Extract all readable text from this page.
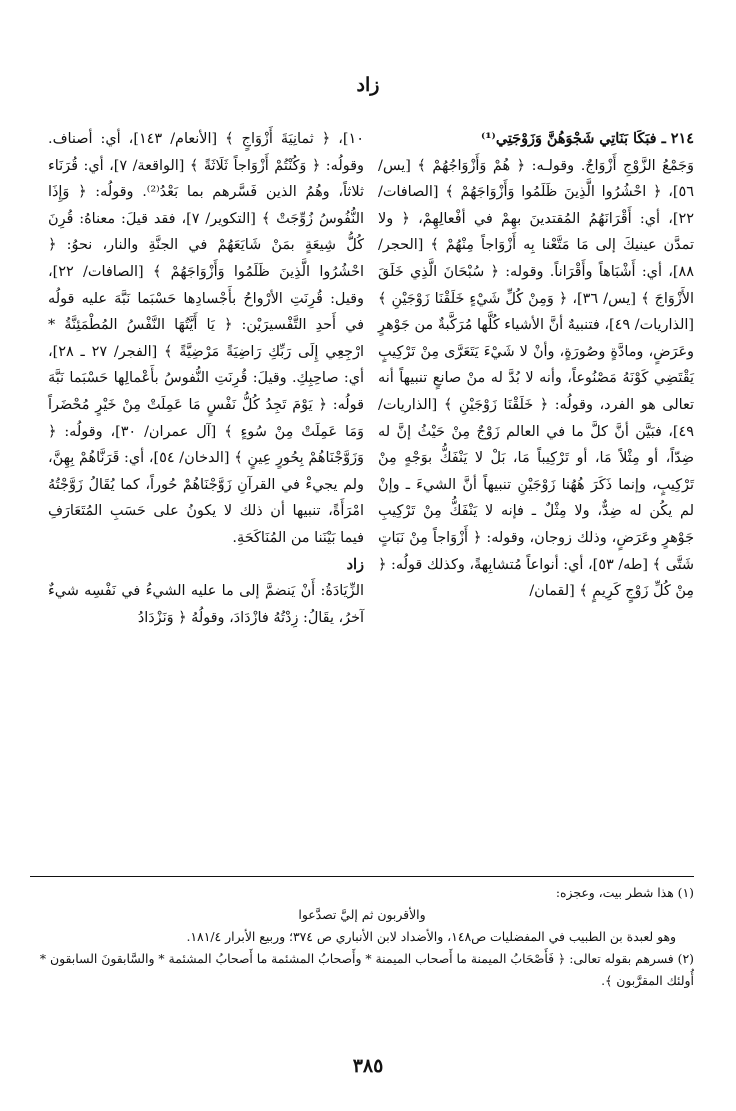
زاد

٢١٤ ـ فبَكَا بَنَاتِي شَجْوَهُنَّ وَزَوْجَتِي⁽¹⁾

وَجَمْعُ الزَّوْجِ أَزْوَاجٌ. وقولـه: ﴿ هُمْ وَأَزْوَاجُهُمْ ﴾ [يس/ ٥٦]، ﴿ احْشُرُوا الَّذِينَ ظَلَمُوا وَأَزْوَاجَهُمْ ﴾ [الصافات/ ٢٢]، أي: أَقْرَانَهُمُ المُقتدينَ بهِمْ في أفْعالِهِمْ، ﴿ ولا تمدَّن عينيكَ إلى مَا مَتَّعْنا بِه أَزْوَاجاً مِنْهُمْ ﴾ [الحجر/ ٨٨]، أي: أَشْبَاهاً وأَقْرَاناً. وقوله: ﴿ سُبْحَانَ الَّذِي خَلَقَ الأَزْوَاجَ ﴾ [يس/ ٣٦]، ﴿ وَمِنْ كُلِّ شَيْءٍ خَلَقْنَا زَوْجَيْنِ ﴾ [الذاريات/ ٤٩]، فتنبيهٌ أنَّ الأشياء كُلَّها مُرَكَّبةٌ من جَوْهرٍ وعَرَضٍ، ومادَّةٍ وصُورَةٍ، وأنْ لا شَيْءَ يَتَعَرَّى مِنْ تَرْكِيبٍ يَقْتَضِي كَوْنَهُ مَصْنُوعاً، وأنه لا بُدَّ له منْ صانعٍ تنبيهاً أنه تعالى هو الفرد، وقولُه: ﴿ خَلَقْنَا زَوْجَيْنِ ﴾ [الذاريات/ ٤٩]، فبَيَّن أنَّ كلَّ ما في العالم زَوْجٌ مِنْ حَيْثُ إنَّ له ضِدّاً، أو مِثْلاً مَا، أو تَرْكِيباً مَا، بَلْ لا يَنْفَكُّ بوَجْهٍ مِنْ تَرْكِيبٍ، وإنما ذَكَرَ هُهُنا زَوْجَيْنِ تنبيهاً أنَّ الشيءَ ـ وإنْ لم يكُن له ضِدٌّ، ولا مِثْلٌ ـ فإنه لا يَنْفَكُّ مِنْ تَرْكِيبِ جَوْهرٍ وعَرَضٍ، وذلك زوجان، وقوله: ﴿ أَزْوَاجاً مِنْ نَبَاتٍ شَتَّى ﴾ [طه/ ٥٣]، أي: أنواعاً مُتشابِهةً، وكذلك قولُه: ﴿ مِنْ كُلِّ زَوْجٍ كَرِيمٍ ﴾ [لقمان/

١٠]، ﴿ ثمانِيَةَ أَزْوَاجٍ ﴾ [الأنعام/ ١٤٣]، أي: أصناف. وقولُه: ﴿ وَكُنْتُمْ أَزْوَاجاً ثَلَاثَةً ﴾ [الواقعة/ ٧]، أي: قُرَنَاء ثلاثاً، وهُمُ الذين فَسَّرهم بما بَعْدُ⁽²⁾. وقولُه: ﴿ وَإِذَا النُّفُوسُ زُوِّجَتْ ﴾ [التكوير/ ٧]، فقد قيلَ: معناهُ: قُرِنَ كُلُّ شِيعَةٍ بمَنْ شَايَعَهُمْ في الجنَّةِ والنار، نحوُ: ﴿ احْشُرُوا الَّذِينَ ظَلَمُوا وَأَزْوَاجَهُمْ ﴾ [الصافات/ ٢٢]، وقيل: قُرِنَتِ الأرْواحُ بأَجْسادِها حَسْبَما نَبَّهَ عليه قولُه في أَحدِ التَّفْسيرَيْن: ﴿ يَا أَيَّتُهَا النَّفْسُ المُطْمَئِنَّةُ * ارْجِعِي إِلَى رَبِّكِ رَاضِيَةً مَرْضِيَّةً ﴾ [الفجر/ ٢٧ ـ ٢٨]، أي: صاحِبِكِ. وقيلَ: قُرِنَتِ النُّفوسُ بأَعْمالِها حَسْبَما نَبَّهَ قولُه: ﴿ يَوْمَ تَجِدُ كُلُّ نَفْسٍ مَا عَمِلَتْ مِنْ خَيْرٍ مُحْضَراً وَمَا عَمِلَتْ مِنْ سُوءٍ ﴾ [آل عمران/ ٣٠]، وقولُه: ﴿ وَزَوَّجْنَاهُمْ بِحُورٍ عِينٍ ﴾ [الدخان/ ٥٤]، أي: قَرَنَّاهُمْ بِهِنَّ، ولم يجيءْ في القرآنِ زَوَّجْنَاهُمْ حُوراً، كما يُقَالُ زَوَّجْتُهُ امْرَأَةً، تنبيها أن ذلك لا يكونُ على حَسَبِ المُتَعَارَفِ فيما بَيْنَنا من المُنَاكَحَةِ.

زاد

الزِّيَادَةُ: أَنْ يَنضمَّ إلى ما عليه الشيءُ في نَفْسِه شيءٌ آخرُ، يقَالُ: زِدْتُهُ فازْدَادَ، وقولُهُ ﴿ وَنَزْدَادُ

(١) هذا شطر بيت، وعجزه:

والأقربون ثم إليَّ تصدَّعوا

وهو لعبدة بن الطبيب في المفضليات ص١٤٨، والأضداد لابن الأنباري ص ٣٧٤؛ وربيع الأبرار ١٨١/٤.

(٢) فسرهم بقوله تعالى: ﴿ فَأَصْحَابُ الميمنة ما أَصحاب الميمنة * وأَصحابُ المشئمة ما أَصحابُ المشئمة * والسَّابقونَ السابقون * أُولئك المقرَّبون ﴾.

٣٨٥
